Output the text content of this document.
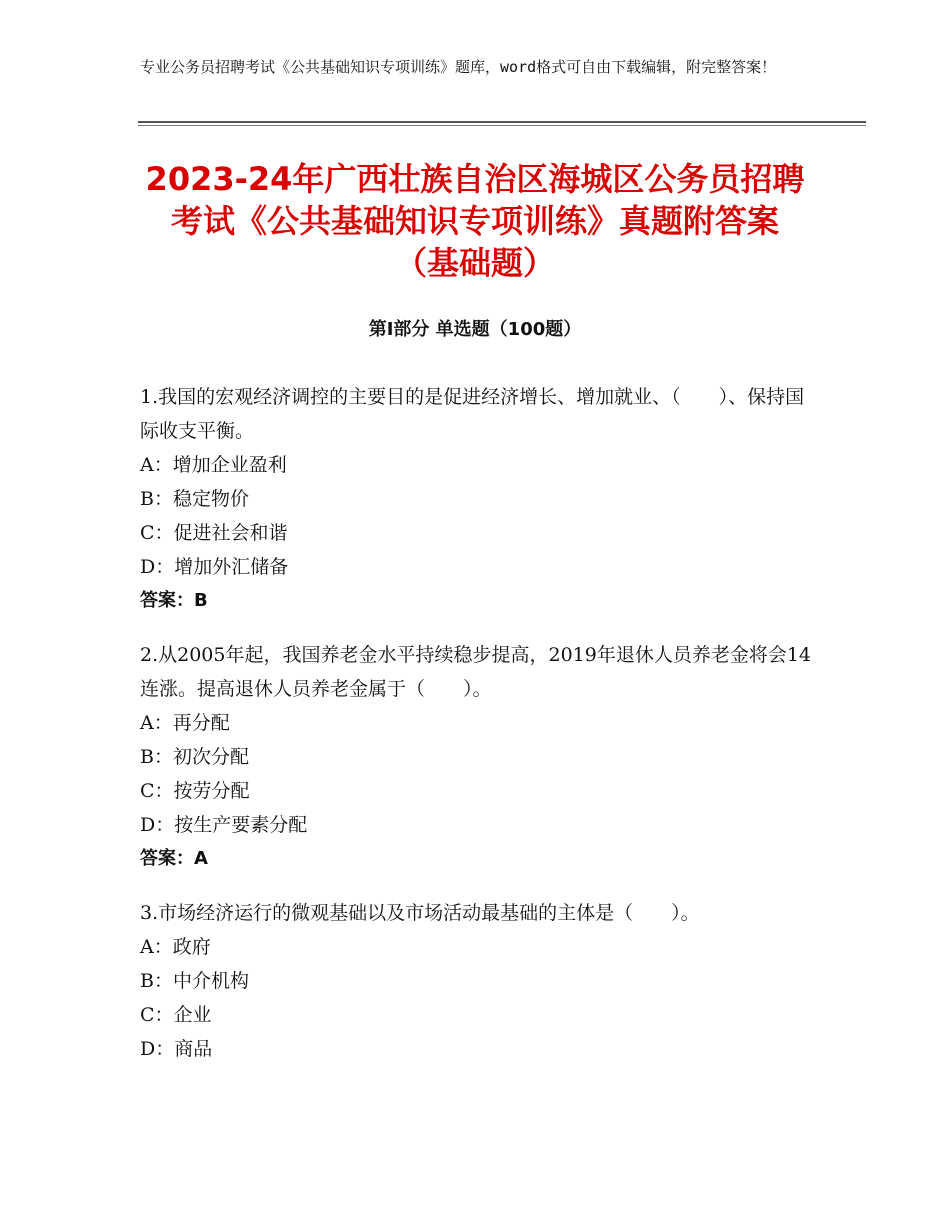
专业公务员招聘考试《公共基础知识专项训练》题库，word格式可自由下载编辑，附完整答案！
2023-24年广西壮族自治区海城区公务员招聘考试《公共基础知识专项训练》真题附答案（基础题）
第Ⅰ部分 单选题（100题）
1.我国的宏观经济调控的主要目的是促进经济增长、增加就业、（　　）、保持国际收支平衡。
A：增加企业盈利
B：稳定物价
C：促进社会和谐
D：增加外汇储备
答案：B
2.从2005年起，我国养老金水平持续稳步提高，2019年退休人员养老金将会14连涨。提高退休人员养老金属于（　　）。
A：再分配
B：初次分配
C：按劳分配
D：按生产要素分配
答案：A
3.市场经济运行的微观基础以及市场活动最基础的主体是（　　）。
A：政府
B：中介机构
C：企业
D：商品
